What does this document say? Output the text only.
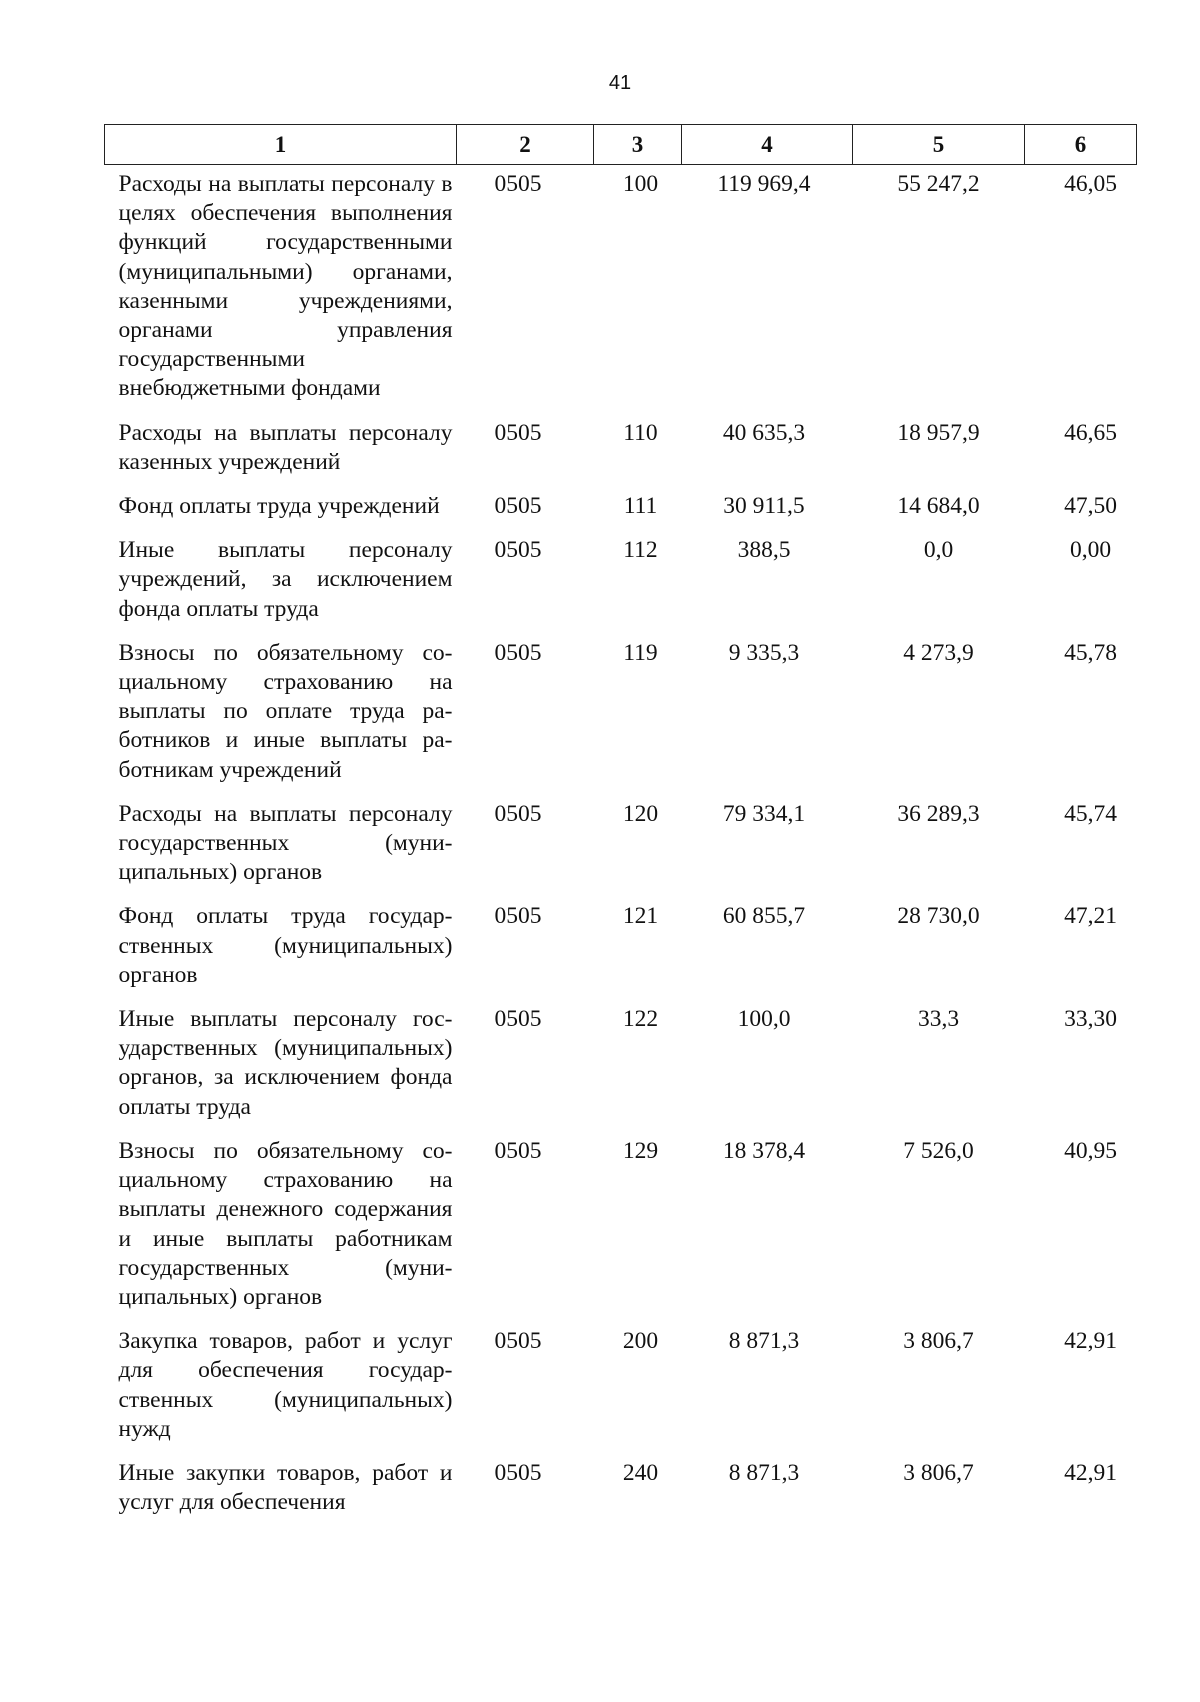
41
1	2	3	4	5	6
Расходы на выплаты персоналу в целях обеспечения выполнения функций государственными (муниципальными) органами, казенными учреждениями, органами управления государственными внебюджетными фондами	0505	100	119 969,4	55 247,2	46,05
Расходы на выплаты персоналу казенных учреждений	0505	110	40 635,3	18 957,9	46,65
Фонд оплаты труда учреждений	0505	111	30 911,5	14 684,0	47,50
Иные выплаты персоналу учреждений, за исключением фонда оплаты труда	0505	112	388,5	0,0	0,00
Взносы по обязательному социальному страхованию на выплаты по оплате труда работников и иные выплаты работникам учреждений	0505	119	9 335,3	4 273,9	45,78
Расходы на выплаты персоналу государственных (муниципальных) органов	0505	120	79 334,1	36 289,3	45,74
Фонд оплаты труда государственных (муниципальных) органов	0505	121	60 855,7	28 730,0	47,21
Иные выплаты персоналу государственных (муниципальных) органов, за исключением фонда оплаты труда	0505	122	100,0	33,3	33,30
Взносы по обязательному социальному страхованию на выплаты денежного содержания и иные выплаты работникам государственных (муниципальных) органов	0505	129	18 378,4	7 526,0	40,95
Закупка товаров, работ и услуг для обеспечения государственных (муниципальных) нужд	0505	200	8 871,3	3 806,7	42,91
Иные закупки товаров, работ и услуг для обеспечения	0505	240	8 871,3	3 806,7	42,91
